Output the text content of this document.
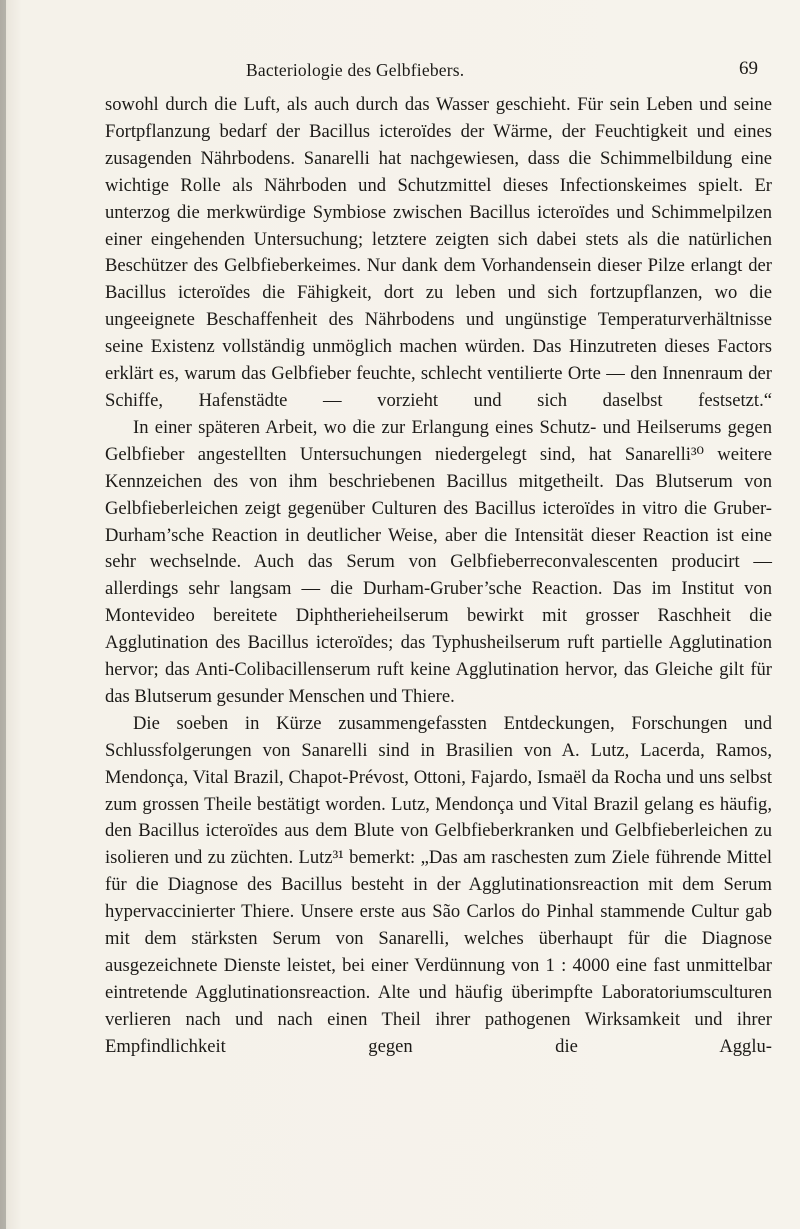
Bacteriologie des Gelbfiebers.	69

sowohl durch die Luft, als auch durch das Wasser geschieht. Für sein Leben und seine Fortpflanzung bedarf der Bacillus icteroïdes der Wärme, der Feuchtigkeit und eines zusagenden Nährbodens. Sanarelli hat nachgewiesen, dass die Schimmelbildung eine wichtige Rolle als Nährboden und Schutzmittel dieses Infectionskeimes spielt. Er unterzog die merkwürdige Symbiose zwischen Bacillus icteroïdes und Schimmelpilzen einer eingehenden Untersuchung; letztere zeigten sich dabei stets als die natürlichen Beschützer des Gelbfieberkeimes. Nur dank dem Vorhandensein dieser Pilze erlangt der Bacillus icteroïdes die Fähigkeit, dort zu leben und sich fortzupflanzen, wo die ungeeignete Beschaffenheit des Nährbodens und ungünstige Temperaturverhältnisse seine Existenz vollständig unmöglich machen würden. Das Hinzutreten dieses Factors erklärt es, warum das Gelbfieber feuchte, schlecht ventilierte Orte — den Innenraum der Schiffe, Hafenstädte — vorzieht und sich daselbst festsetzt.“

In einer späteren Arbeit, wo die zur Erlangung eines Schutz- und Heilserums gegen Gelbfieber angestellten Untersuchungen niedergelegt sind, hat Sanarelli³⁰ weitere Kennzeichen des von ihm beschriebenen Bacillus mitgetheilt. Das Blutserum von Gelbfieberleichen zeigt gegenüber Culturen des Bacillus icteroïdes in vitro die Gruber-Durham’sche Reaction in deutlicher Weise, aber die Intensität dieser Reaction ist eine sehr wechselnde. Auch das Serum von Gelbfieberreconvalescenten producirt — allerdings sehr langsam — die Durham-Gruber’sche Reaction. Das im Institut von Montevideo bereitete Diphtherieheilserum bewirkt mit grosser Raschheit die Agglutination des Bacillus icteroïdes; das Typhusheilserum ruft partielle Agglutination hervor; das Anti-Colibacillenserum ruft keine Agglutination hervor, das Gleiche gilt für das Blutserum gesunder Menschen und Thiere.

Die soeben in Kürze zusammengefassten Entdeckungen, Forschungen und Schlussfolgerungen von Sanarelli sind in Brasilien von A. Lutz, Lacerda, Ramos, Mendonça, Vital Brazil, Chapot-Prévost, Ottoni, Fajardo, Ismaël da Rocha und uns selbst zum grossen Theile bestätigt worden. Lutz, Mendonça und Vital Brazil gelang es häufig, den Bacillus icteroïdes aus dem Blute von Gelbfieberkranken und Gelbfieberleichen zu isolieren und zu züchten. Lutz³¹ bemerkt: „Das am raschesten zum Ziele führende Mittel für die Diagnose des Bacillus besteht in der Agglutinationsreaction mit dem Serum hypervaccinierter Thiere. Unsere erste aus São Carlos do Pinhal stammende Cultur gab mit dem stärksten Serum von Sanarelli, welches überhaupt für die Diagnose ausgezeichnete Dienste leistet, bei einer Verdünnung von 1 : 4000 eine fast unmittelbar eintretende Agglutinationsreaction. Alte und häufig überimpfte Laboratoriumsculturen verlieren nach und nach einen Theil ihrer pathogenen Wirksamkeit und ihrer Empfindlichkeit gegen die Agglu-
